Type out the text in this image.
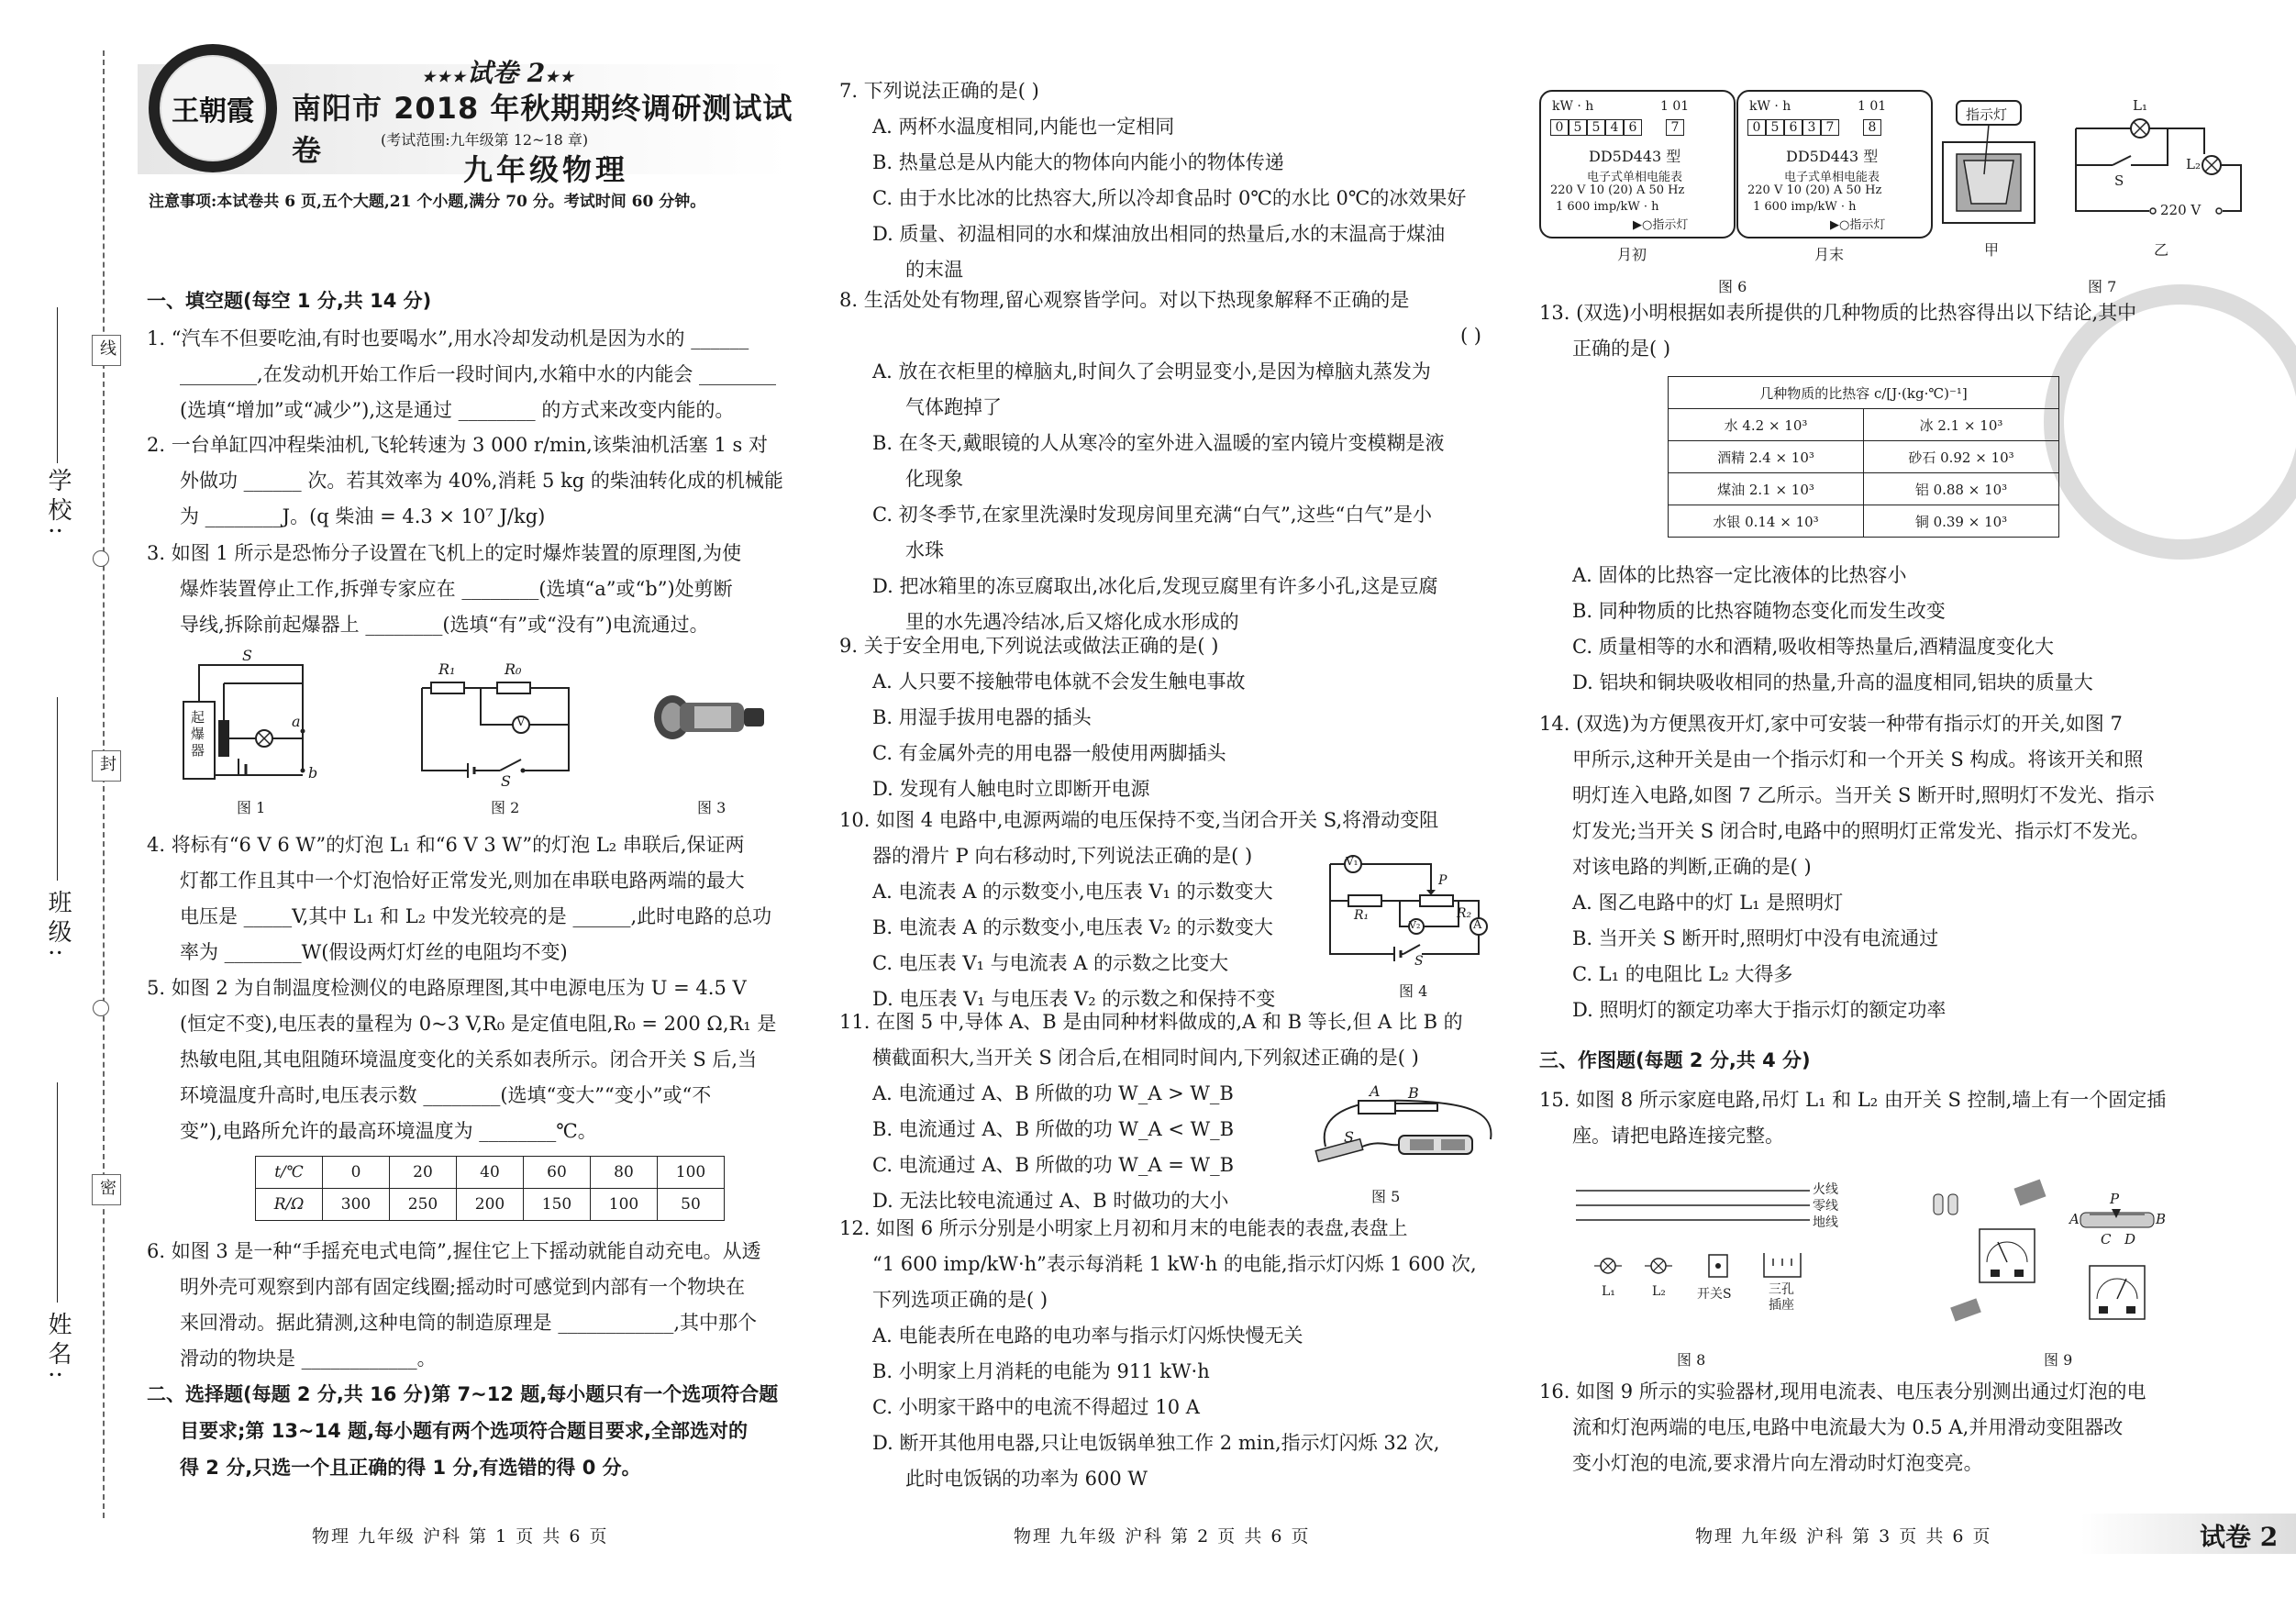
线
封
密
学校:
班级:
姓名:
王朝霞
★★★试卷 2★★
南阳市 2018 年秋期期终调研测试试卷	(考试范围:九年级第 12~18 章)
九年级物理
注意事项:本试卷共 6 页,五个大题,21 个小题,满分 70 分。考试时间 60 分钟。
一、填空题(每空 1 分,共 14 分)
1. “汽车不但要吃油,有时也要喝水”,用水冷却发动机是因为水的 ______
________,在发动机开始工作后一段时间内,水箱中水的内能会 ________
(选填“增加”或“减少”),这是通过 ________ 的方式来改变内能的。
2. 一台单缸四冲程柴油机,飞轮转速为 3 000 r/min,该柴油机活塞 1 s 对
外做功 ______ 次。若其效率为 40%,消耗 5 kg 的柴油转化成的机械能
为 ________J。(q 柴油 = 4.3 × 10⁷ J/kg)
3. 如图 1 所示是恐怖分子设置在飞机上的定时爆炸装置的原理图,为使
爆炸装置停止工作,拆弹专家应在 ________(选填“a”或“b”)处剪断
导线,拆除前起爆器上 ________(选填“有”或“没有”)电流通过。
起爆器
S
a
b
图 1
R₁	R₀
V
S
图 2	图 3
4. 将标有“6 V 6 W”的灯泡 L₁ 和“6 V 3 W”的灯泡 L₂ 串联后,保证两
灯都工作且其中一个灯泡恰好正常发光,则加在串联电路两端的最大
电压是 _____V,其中 L₁ 和 L₂ 中发光较亮的是 ______,此时电路的总功
率为 ________W(假设两灯灯丝的电阻均不变)
5. 如图 2 为自制温度检测仪的电路原理图,其中电源电压为 U = 4.5 V
(恒定不变),电压表的量程为 0~3 V,R₀ 是定值电阻,R₀ = 200 Ω,R₁ 是
热敏电阻,其电阻随环境温度变化的关系如表所示。闭合开关 S 后,当
环境温度升高时,电压表示数 ________(选填“变大”“变小”或“不
变”),电路所允许的最高环境温度为 ________℃。
t/℃	0	20	40	60	80	100
R/Ω	300	250	200	150	100	50
6. 如图 3 是一种“手摇充电式电筒”,握住它上下摇动就能自动充电。从透
明外壳可观察到内部有固定线圈;摇动时可感觉到内部有一个物块在
来回滑动。据此猜测,这种电筒的制造原理是 ____________,其中那个
滑动的物块是 ____________。
二、选择题(每题 2 分,共 16 分)第 7~12 题,每小题只有一个选项符合题
目要求;第 13~14 题,每小题有两个选项符合题目要求,全部选对的
得 2 分,只选一个且正确的得 1 分,有选错的得 0 分。
物理 九年级 沪科 第 1 页 共 6 页
7. 下列说法正确的是( )
A. 两杯水温度相同,内能也一定相同
B. 热量总是从内能大的物体向内能小的物体传递
C. 由于水比冰的比热容大,所以冷却食品时 0℃的水比 0℃的冰效果好
D. 质量、初温相同的水和煤油放出相同的热量后,水的末温高于煤油
的末温
8. 生活处处有物理,留心观察皆学问。对以下热现象解释不正确的是
( )
A. 放在衣柜里的樟脑丸,时间久了会明显变小,是因为樟脑丸蒸发为
气体跑掉了
B. 在冬天,戴眼镜的人从寒冷的室外进入温暖的室内镜片变模糊是液
化现象
C. 初冬季节,在家里洗澡时发现房间里充满“白气”,这些“白气”是小
水珠
D. 把冰箱里的冻豆腐取出,冰化后,发现豆腐里有许多小孔,这是豆腐
里的水先遇冷结冰,后又熔化成水形成的
9. 关于安全用电,下列说法或做法正确的是( )
A. 人只要不接触带电体就不会发生触电事故
B. 用湿手拔用电器的插头
C. 有金属外壳的用电器一般使用两脚插头
D. 发现有人触电时立即断开电源
10. 如图 4 电路中,电源两端的电压保持不变,当闭合开关 S,将滑动变阻
器的滑片 P 向右移动时,下列说法正确的是( )
A. 电流表 A 的示数变小,电压表 V₁ 的示数变大
B. 电流表 A 的示数变小,电压表 V₂ 的示数变大
C. 电压表 V₁ 与电流表 A 的示数之比变大
D. 电压表 V₁ 与电压表 V₂ 的示数之和保持不变
V₁
P
R₁	R₂
V₂	A
S
图 4
11. 在图 5 中,导体 A、B 是由同种材料做成的,A 和 B 等长,但 A 比 B 的
横截面积大,当开关 S 闭合后,在相同时间内,下列叙述正确的是( )
A. 电流通过 A、B 所做的功 W_A > W_B
B. 电流通过 A、B 所做的功 W_A < W_B
C. 电流通过 A、B 所做的功 W_A = W_B
D. 无法比较电流通过 A、B 时做功的大小
A B
S
图 5
12. 如图 6 所示分别是小明家上月初和月末的电能表的表盘,表盘上
“1 600 imp/kW·h”表示每消耗 1 kW·h 的电能,指示灯闪烁 1 600 次,
下列选项正确的是( )
A. 电能表所在电路的电功率与指示灯闪烁快慢无关
B. 小明家上月消耗的电能为 911 kW·h
C. 小明家干路中的电流不得超过 10 A
D. 断开其他用电器,只让电饭锅单独工作 2 min,指示灯闪烁 32 次,
此时电饭锅的功率为 600 W
物理 九年级 沪科 第 2 页 共 6 页
kW · h	1 01
0 5 5 4 6	7
DD5D443 型
电子式单相电能表
220 V 10 (20) A 50 Hz
1 600 imp/kW · h
▶○指示灯
月初
kW · h	1 01
0 5 6 3 7	8
DD5D443 型
电子式单相电能表
220 V 10 (20) A 50 Hz
1 600 imp/kW · h
▶○指示灯
月末
图 6
指示灯
甲
L₁
L₂
S
220 V
乙
图 7
13. (双选)小明根据如表所提供的几种物质的比热容得出以下结论,其中
正确的是( )
几种物质的比热容 c/[J·(kg·℃)⁻¹]	
水 4.2 × 10³	冰 2.1 × 10³
酒精 2.4 × 10³	砂石 0.92 × 10³
煤油 2.1 × 10³	铝 0.88 × 10³
水银 0.14 × 10³	铜 0.39 × 10³
A. 固体的比热容一定比液体的比热容小
B. 同种物质的比热容随物态变化而发生改变
C. 质量相等的水和酒精,吸收相等热量后,酒精温度变化大
D. 铝块和铜块吸收相同的热量,升高的温度相同,铝块的质量大
14. (双选)为方便黑夜开灯,家中可安装一种带有指示灯的开关,如图 7
甲所示,这种开关是由一个指示灯和一个开关 S 构成。将该开关和照
明灯连入电路,如图 7 乙所示。当开关 S 断开时,照明灯不发光、指示
灯发光;当开关 S 闭合时,电路中的照明灯正常发光、指示灯不发光。
对该电路的判断,正确的是( )
A. 图乙电路中的灯 L₁ 是照明灯
B. 当开关 S 断开时,照明灯中没有电流通过
C. L₁ 的电阻比 L₂ 大得多
D. 照明灯的额定功率大于指示灯的额定功率
三、作图题(每题 2 分,共 4 分)
15. 如图 8 所示家庭电路,吊灯 L₁ 和 L₂ 由开关 S 控制,墙上有一个固定插
座。请把电路连接完整。
火线
零线
地线
L₁	L₂ 开关S	三孔插座
图 8
A
P
B
C D
图 9
16. 如图 9 所示的实验器材,现用电流表、电压表分别测出通过灯泡的电
流和灯泡两端的电压,电路中电流最大为 0.5 A,并用滑动变阻器改
变小灯泡的电流,要求滑片向左滑动时灯泡变亮。
物理 九年级 沪科 第 3 页 共 6 页	试卷 2
